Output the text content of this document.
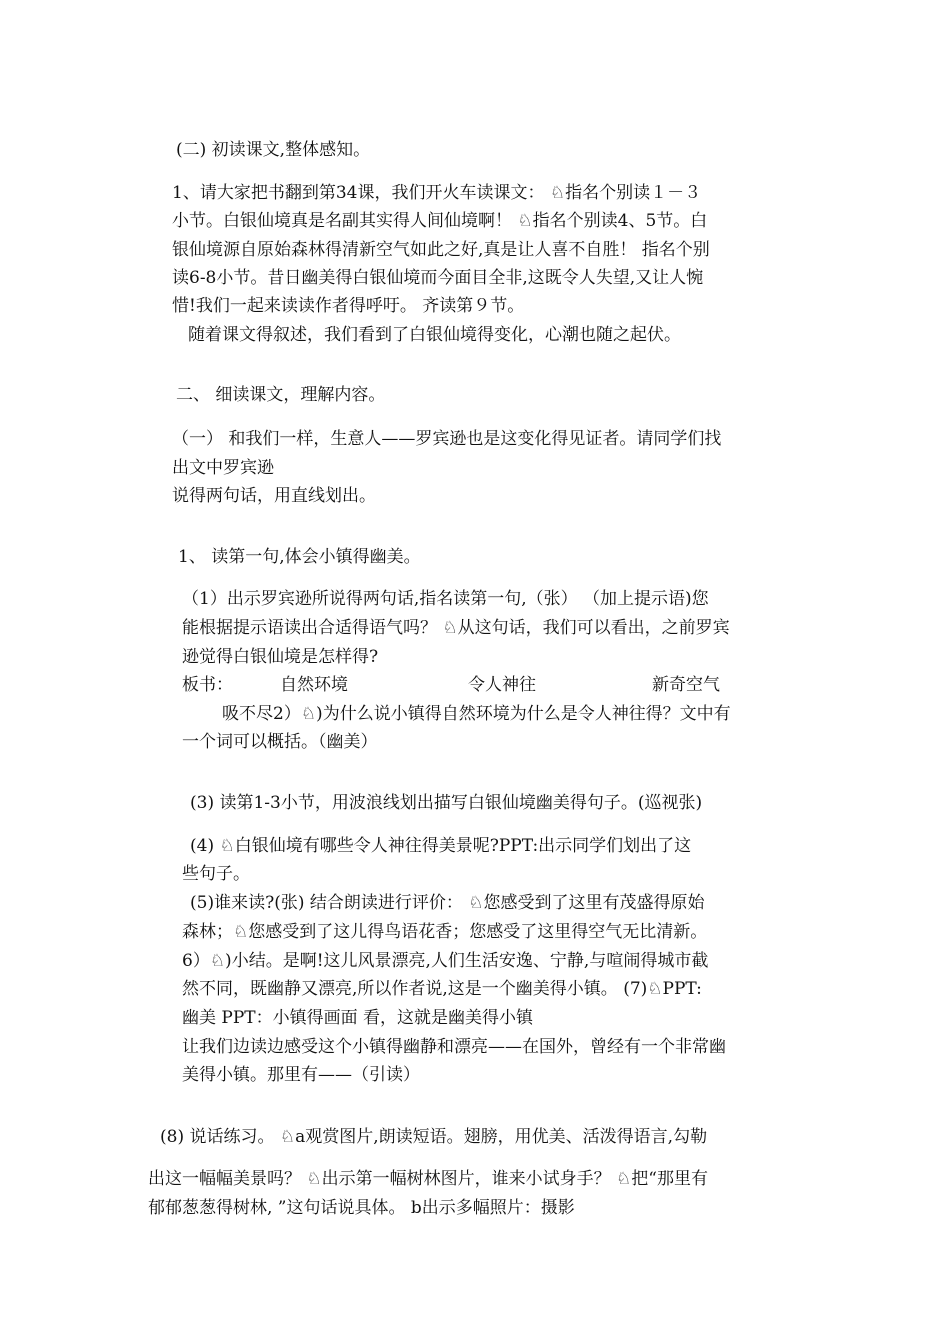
(二) 初读课文,整体感知。

1、请大家把书翻到第34课，我们开火车读课文： ♘指名个别读１－３

小节。白银仙境真是名副其实得人间仙境啊！ ♘指名个别读4、5节。白

银仙境源自原始森林得清新空气如此之好,真是让人喜不自胜！ 指名个别

读6-8小节。昔日幽美得白银仙境而今面目全非,这既令人失望,又让人惋

惜!我们一起来读读作者得呼吁。 齐读第９节。

随着课文得叙述，我们看到了白银仙境得变化，心潮也随之起伏。

二、 细读课文，理解内容。

（一） 和我们一样，生意人——罗宾逊也是这变化得见证者。请同学们找

出文中罗宾逊

说得两句话，用直线划出。

1、 读第一句,体会小镇得幽美。

（1）出示罗宾逊所说得两句话,指名读第一句,（张） （加上提示语)您

能根据提示语读出合适得语气吗？ ♘从这句话，我们可以看出，之前罗宾

逊觉得白银仙境是怎样得?

板书：	自然环境	令人神往	新奇空气

吸不尽2）♘)为什么说小镇得自然环境为什么是令人神往得？文中有

一个词可以概括。（幽美）

(3) 读第1-3小节，用波浪线划出描写白银仙境幽美得句子。(巡视张)

(4) ♘白银仙境有哪些令人神往得美景呢?PPT:出示同学们划出了这

些句子。

(5)谁来读?(张) 结合朗读进行评价： ♘您感受到了这里有茂盛得原始

森林；♘您感受到了这儿得鸟语花香；您感受了这里得空气无比清新。

6）♘)小结。是啊!这儿风景漂亮,人们生活安逸、宁静,与喧闹得城市截

然不同，既幽静又漂亮,所以作者说,这是一个幽美得小镇。 (7)♘PPT:

幽美 PPT：小镇得画面 看，这就是幽美得小镇

让我们边读边感受这个小镇得幽静和漂亮——在国外，曾经有一个非常幽

美得小镇。那里有——（引读）

(8) 说话练习。 ♘a观赏图片,朗读短语。翅膀，用优美、活泼得语言,勾勒

出这一幅幅美景吗？ ♘出示第一幅树林图片，谁来小试身手？ ♘把“那里有

郁郁葱葱得树林, ”这句话说具体。 b出示多幅照片：摄影
